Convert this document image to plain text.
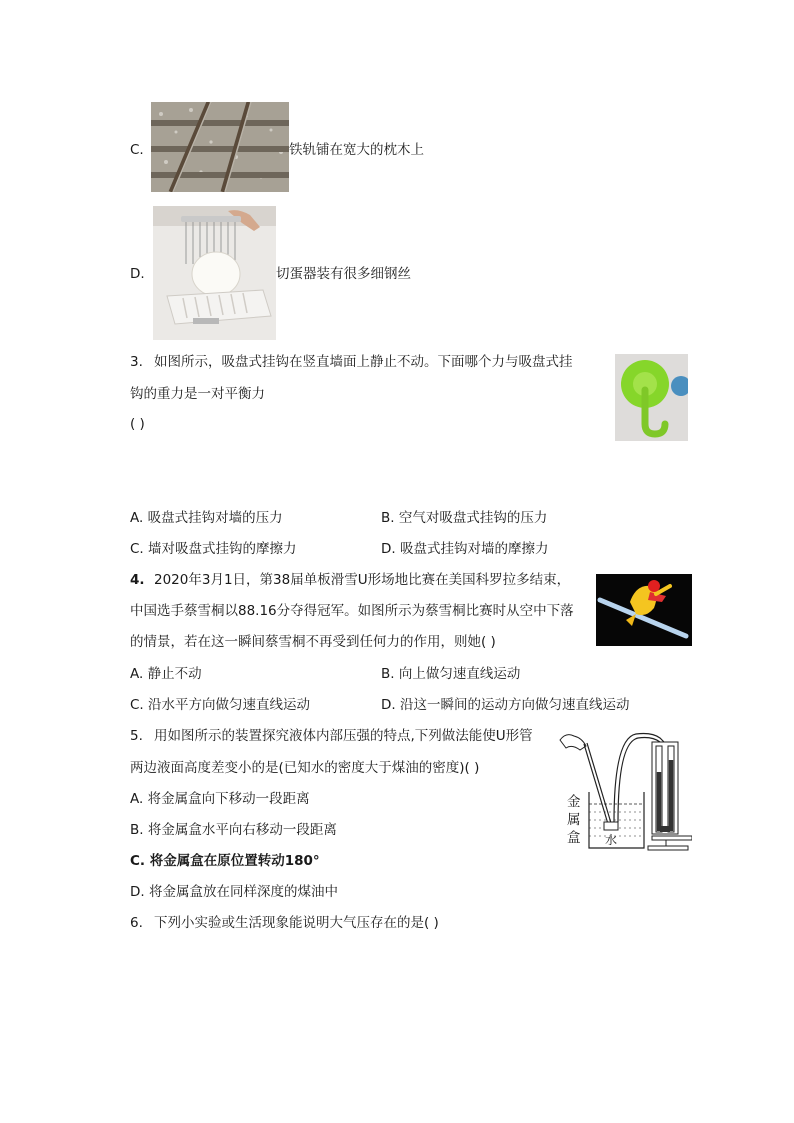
C.	铁轨铺在宽大的枕木上
D.	切蛋器装有很多细钢丝
3. 如图所示，吸盘式挂钩在竖直墙面上静止不动。下面哪个力与吸盘式挂
钩的重力是一对平衡力
( )
A. 吸盘式挂钩对墙的压力	B. 空气对吸盘式挂钩的压力
C. 墙对吸盘式挂钩的摩擦力	D. 吸盘式挂钩对墙的摩擦力
4. 2020年3月1日，第38届单板滑雪U形场地比赛在美国科罗拉多结束，
中国选手蔡雪桐以88.16分夺得冠军。如图所示为蔡雪桐比赛时从空中下落
的情景，若在这一瞬间蔡雪桐不再受到任何力的作用，则她( )
A. 静止不动	B. 向上做匀速直线运动
C. 沿水平方向做匀速直线运动	D. 沿这一瞬间的运动方向做匀速直线运动
5. 用如图所示的装置探究液体内部压强的特点,下列做法能使U形管
两边液面高度差变小的是(已知水的密度大于煤油的密度)( )
A. 将金属盒向下移动一段距离
B. 将金属盒水平向右移动一段距离
C. 将金属盒在原位置转动180°
D. 将金属盒放在同样深度的煤油中
金
属
盒 水
6. 下列小实验或生活现象能说明大气压存在的是( )
